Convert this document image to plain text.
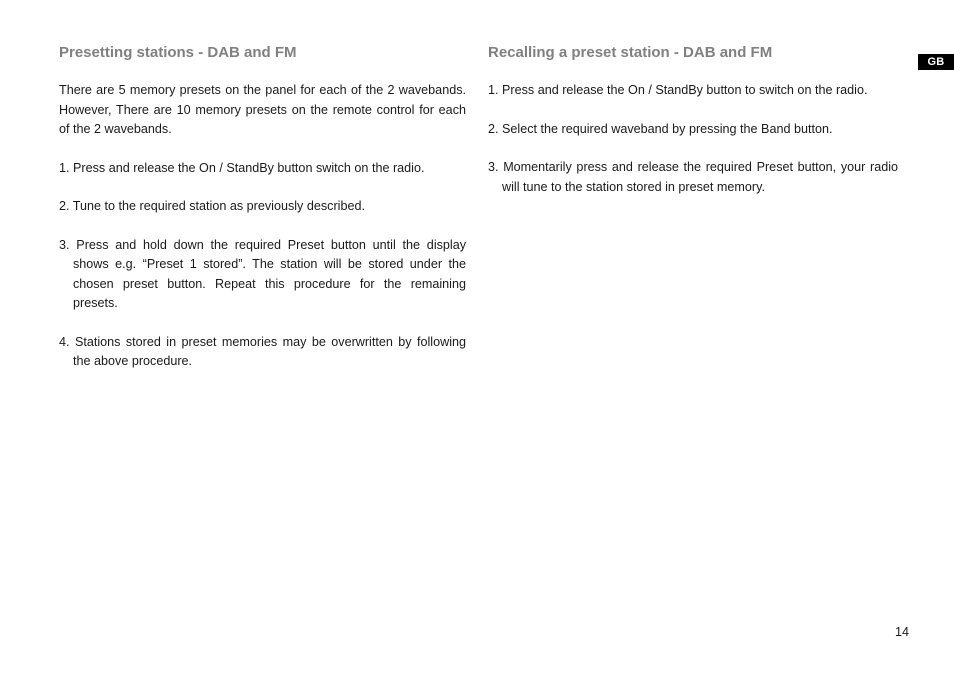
GB
Presetting stations - DAB and FM

There are 5 memory presets on the panel for each of the 2 wavebands. However, There are 10 memory presets on the remote control for each of the 2 wavebands.

1. Press and release the On / StandBy button switch on the radio.

2. Tune to the required station as previously described.

3. Press and hold down the required Preset button until the display shows e.g. “Preset 1 stored”. The station will be stored under the chosen preset button. Repeat this procedure for the remaining presets.

4. Stations stored in preset memories may be overwritten by following the above procedure.

Recalling a preset station - DAB and FM

1. Press and release the On / StandBy button to switch on the radio.

2. Select the required waveband by pressing the Band button.

3. Momentarily press and release the required Preset button, your radio will tune to the station stored in preset memory.

14
